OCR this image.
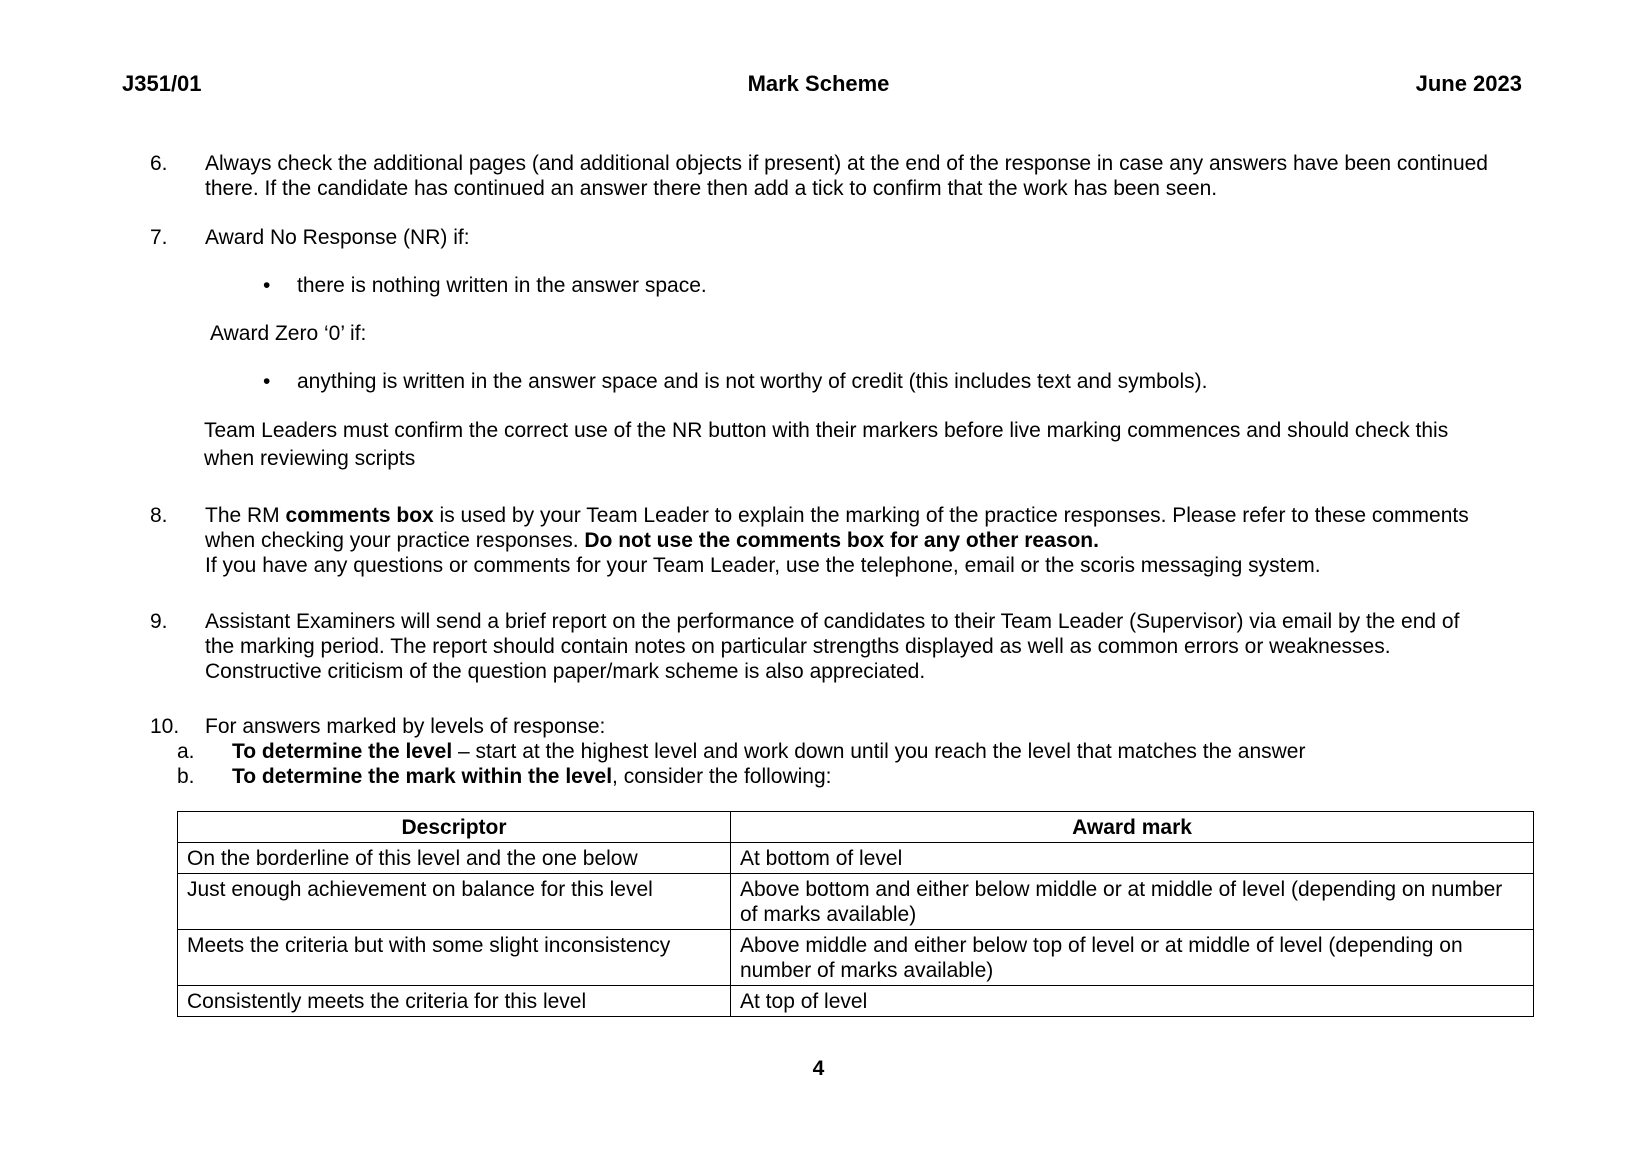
J351/01	Mark Scheme	June 2023
6. Always check the additional pages (and additional objects if present) at the end of the response in case any answers have been continued
there. If the candidate has continued an answer there then add a tick to confirm that the work has been seen.
7. Award No Response (NR) if:
• there is nothing written in the answer space.
Award Zero ‘0’ if:
• anything is written in the answer space and is not worthy of credit (this includes text and symbols).
Team Leaders must confirm the correct use of the NR button with their markers before live marking commences and should check this
when reviewing scripts
8. The RM comments box is used by your Team Leader to explain the marking of the practice responses. Please refer to these comments
when checking your practice responses. Do not use the comments box for any other reason.
If you have any questions or comments for your Team Leader, use the telephone, email or the scoris messaging system.
9. Assistant Examiners will send a brief report on the performance of candidates to their Team Leader (Supervisor) via email by the end of
the marking period. The report should contain notes on particular strengths displayed as well as common errors or weaknesses.
Constructive criticism of the question paper/mark scheme is also appreciated.
10. For answers marked by levels of response:
a. To determine the level – start at the highest level and work down until you reach the level that matches the answer
b. To determine the mark within the level, consider the following:
Descriptor	Award mark
On the borderline of this level and the one below	At bottom of level
Just enough achievement on balance for this level	Above bottom and either below middle or at middle of level (depending on number of marks available)
Meets the criteria but with some slight inconsistency	Above middle and either below top of level or at middle of level (depending on number of marks available)
Consistently meets the criteria for this level	At top of level
4
